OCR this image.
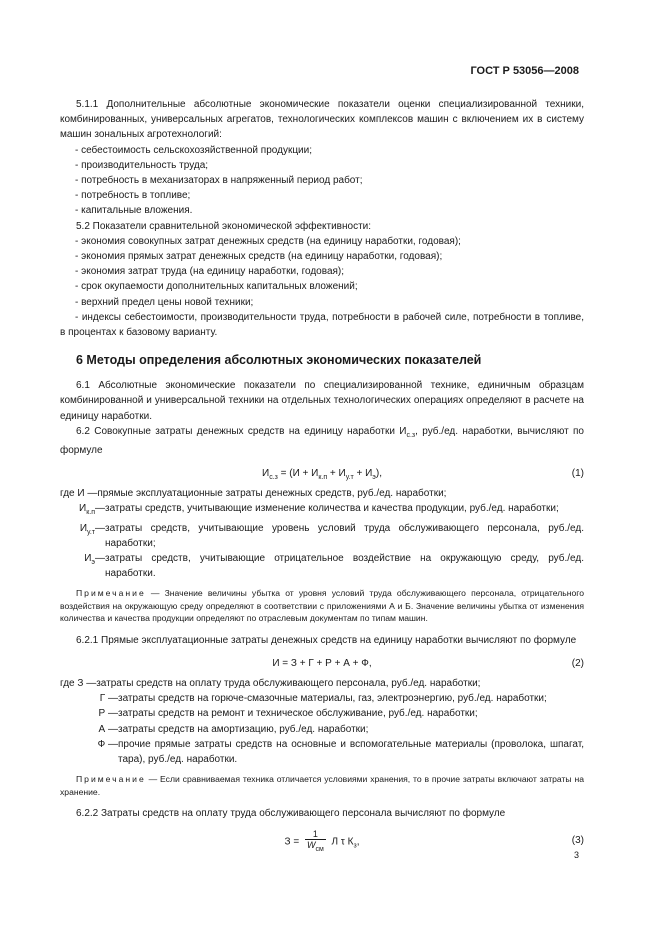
ГОСТ Р 53056—2008

5.1.1 Дополнительные абсолютные экономические показатели оценки специализированной техники, комбинированных, универсальных агрегатов, технологических комплексов машин с включением их в систему машин зональных агротехнологий:

- себестоимость сельскохозяйственной продукции;

- производительность труда;

- потребность в механизаторах в напряженный период работ;

- потребность в топливе;

- капитальные вложения.

5.2 Показатели сравнительной экономической эффективности:

- экономия совокупных затрат денежных средств (на единицу наработки, годовая);

- экономия прямых затрат денежных средств (на единицу наработки, годовая);

- экономия затрат труда (на единицу наработки, годовая);

- срок окупаемости дополнительных капитальных вложений;

- верхний предел цены новой техники;

- индексы себестоимости, производительности труда, потребности в рабочей силе, потребности в топливе, в процентах к базовому варианту.

6 Методы определения абсолютных экономических показателей

6.1 Абсолютные экономические показатели по специализированной технике, единичным образцам комбинированной и универсальной техники на отдельных технологических операциях определяют в расчете на единицу наработки.

6.2 Совокупные затраты денежных средств на единицу наработки $И_{с.з}$, руб./ед. наработки, вычисляют по формуле

$И_{с.з} = (И + И_{к.п} + И_{у.т} + И_э)$,	(1)
где И — прямые эксплуатационные затраты денежных средств, руб./ед. наработки;
$И_{к.п}$ — затраты средств, учитывающие изменение количества и качества продукции, руб./ед. наработки;
$И_{у.т}$ — затраты средств, учитывающие уровень условий труда обслуживающего персонала, руб./ед. наработки;
$И_э$ — затраты средств, учитывающие отрицательное воздействие на окружающую среду, руб./ед. наработки.

Примечание — Значение величины убытка от уровня условий труда обслуживающего персонала, отрицательного воздействия на окружающую среду определяют в соответствии с приложениями А и Б. Значение величины убытка от изменения количества и качества продукции определяют по отраслевым документам по типам машин.

6.2.1 Прямые эксплуатационные затраты денежных средств на единицу наработки вычисляют по формуле

И = З + Г + Р + А + Ф,	(2)
где З — затраты средств на оплату труда обслуживающего персонала, руб./ед. наработки;
Г — затраты средств на горюче-смазочные материалы, газ, электроэнергию, руб./ед. наработки;
Р — затраты средств на ремонт и техническое обслуживание, руб./ед. наработки;
А — затраты средств на амортизацию, руб./ед. наработки;
Ф — прочие прямые затраты средств на основные и вспомогательные материалы (проволока, шпагат, тара), руб./ед. наработки.

Примечание — Если сравниваемая техника отличается условиями хранения, то в прочие затраты включают затраты на хранение.

6.2.2 Затраты средств на оплату труда обслуживающего персонала вычисляют по формуле

$З = \frac{1}{W_{см}}$ Л τ $К_з$,	(3)
3
